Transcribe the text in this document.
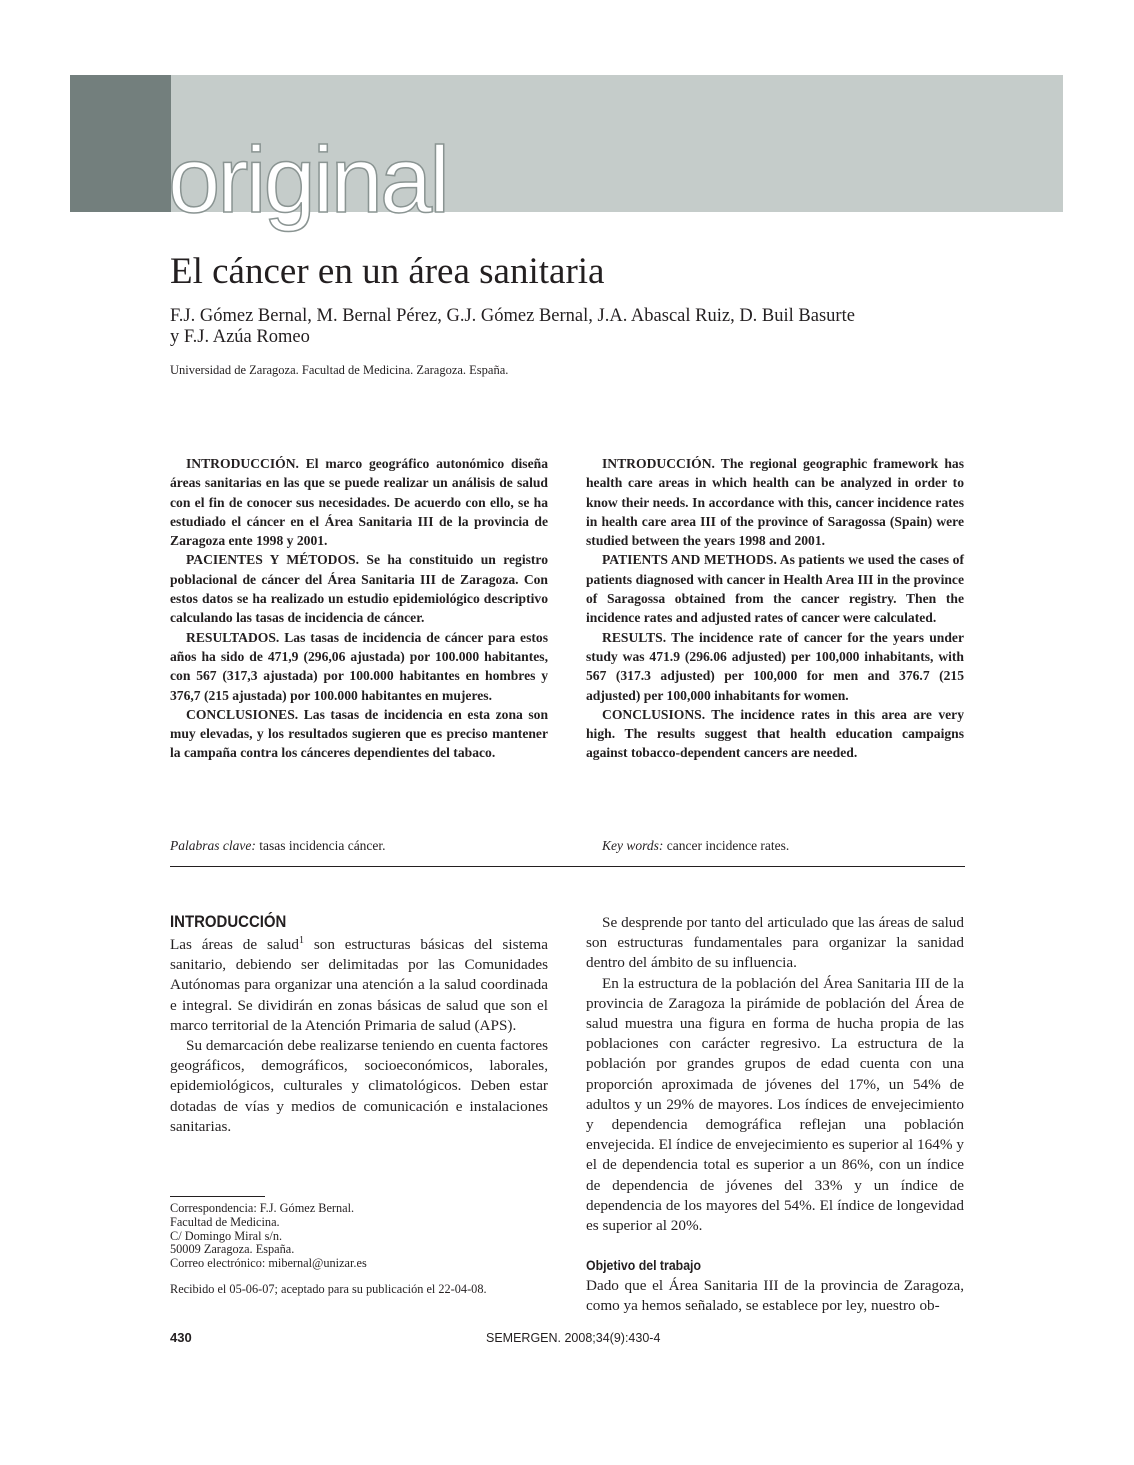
original
El cáncer en un área sanitaria
F.J. Gómez Bernal, M. Bernal Pérez, G.J. Gómez Bernal, J.A. Abascal Ruiz, D. Buil Basurte
y F.J. Azúa Romeo
Universidad de Zaragoza. Facultad de Medicina. Zaragoza. España.

INTRODUCCIÓN. El marco geográfico autonómico diseña áreas sanitarias en las que se puede realizar un análisis de salud con el fin de conocer sus necesidades. De acuerdo con ello, se ha estudiado el cáncer en el Área Sanitaria III de la provincia de Zaragoza ente 1998 y 2001.

PACIENTES Y MÉTODOS. Se ha constituido un registro poblacional de cáncer del Área Sanitaria III de Zaragoza. Con estos datos se ha realizado un estudio epidemiológico descriptivo calculando las tasas de incidencia de cáncer.

RESULTADOS. Las tasas de incidencia de cáncer para estos años ha sido de 471,9 (296,06 ajustada) por 100.000 habitantes, con 567 (317,3 ajustada) por 100.000 habitantes en hombres y 376,7 (215 ajustada) por 100.000 habitantes en mujeres.

CONCLUSIONES. Las tasas de incidencia en esta zona son muy elevadas, y los resultados sugieren que es preciso mantener la campaña contra los cánceres dependientes del tabaco.

INTRODUCCIÓN. The regional geographic framework has health care areas in which health can be analyzed in order to know their needs. In accordance with this, cancer incidence rates in health care area III of the province of Saragossa (Spain) were studied between the years 1998 and 2001.

PATIENTS AND METHODS. As patients we used the cases of patients diagnosed with cancer in Health Area III in the province of Saragossa obtained from the cancer registry. Then the incidence rates and adjusted rates of cancer were calculated.

RESULTS. The incidence rate of cancer for the years under study was 471.9 (296.06 adjusted) per 100,000 inhabitants, with 567 (317.3 adjusted) per 100,000 for men and 376.7 (215 adjusted) per 100,000 inhabitants for women.

CONCLUSIONS. The incidence rates in this area are very high. The results suggest that health education campaigns against tobacco-dependent cancers are needed.

Palabras clave: tasas incidencia cáncer.	Key words: cancer incidence rates.
INTRODUCCIÓN

Las áreas de salud$^1$ son estructuras básicas del sistema sanitario, debiendo ser delimitadas por las Comunidades Autónomas para organizar una atención a la salud coordinada e integral. Se dividirán en zonas básicas de salud que son el marco territorial de la Atención Primaria de salud (APS).

Su demarcación debe realizarse teniendo en cuenta factores geográficos, demográficos, socioeconómicos, laborales, epidemiológicos, culturales y climatológicos. Deben estar dotadas de vías y medios de comunicación e instalaciones sanitarias.

Se desprende por tanto del articulado que las áreas de salud son estructuras fundamentales para organizar la sanidad dentro del ámbito de su influencia.

En la estructura de la población del Área Sanitaria III de la provincia de Zaragoza la pirámide de población del Área de salud muestra una figura en forma de hucha propia de las poblaciones con carácter regresivo. La estructura de la población por grandes grupos de edad cuenta con una proporción aproximada de jóvenes del 17%, un 54% de adultos y un 29% de mayores. Los índices de envejecimiento y dependencia demográfica reflejan una población envejecida. El índice de envejecimiento es superior al 164% y el de dependencia total es superior a un 86%, con un índice de dependencia de jóvenes del 33% y un índice de dependencia de los mayores del 54%. El índice de longevidad es superior al 20%.

Objetivo del trabajo

Dado que el Área Sanitaria III de la provincia de Zaragoza, como ya hemos señalado, se establece por ley, nuestro ob-

Correspondencia: F.J. Gómez Bernal.
Facultad de Medicina.
C/ Domingo Miral s/n.
50009 Zaragoza. España.
Correo electrónico: mibernal@unizar.es
Recibido el 05-06-07; aceptado para su publicación el 22-04-08.
430	SEMERGEN. 2008;34(9):430-4
